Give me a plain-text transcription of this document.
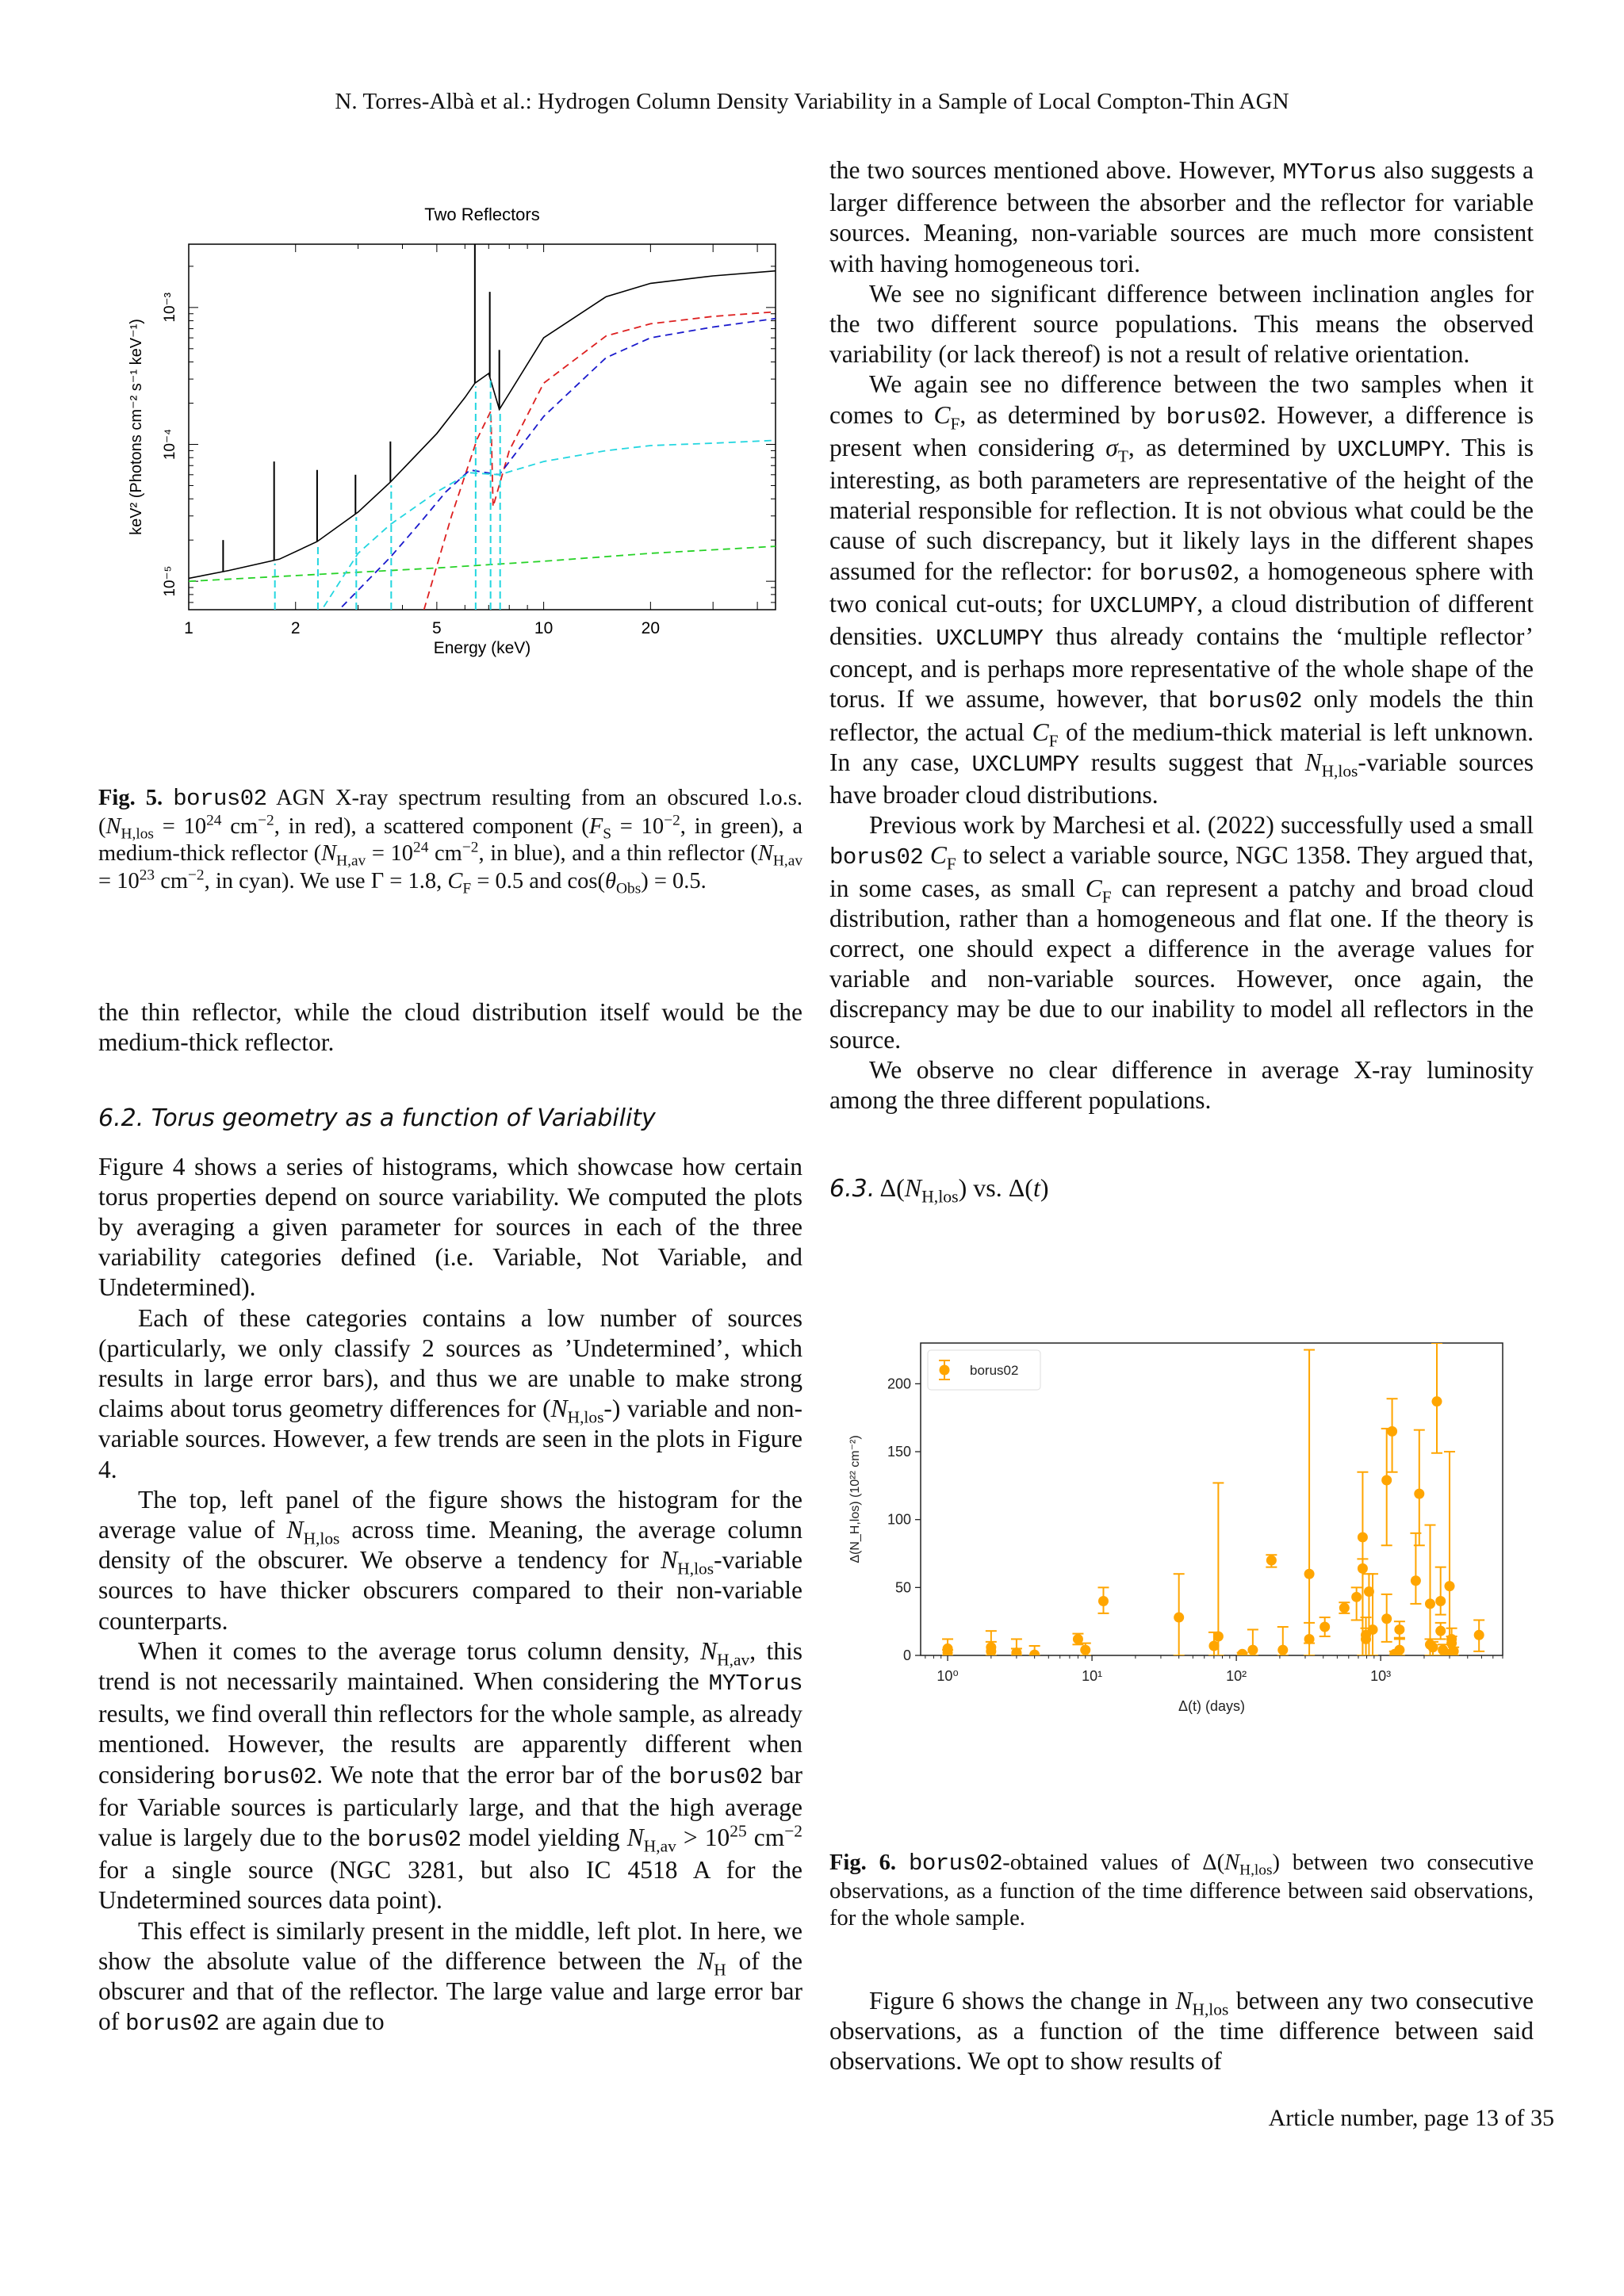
N. Torres-Albà et al.: Hydrogen Column Density Variability in a Sample of Local Compton-Thin AGN
Two Reflectors
1	2	5	10	20
Energy (keV)
10⁻⁵
10⁻⁴
10⁻³
keV² (Photons cm⁻² s⁻¹ keV⁻¹)

Fig. 5. borus02 AGN X-ray spectrum resulting from an obscured l.o.s. ($N_{H,los} = 10^{24}$ $cm^{-2}$, in red), a scattered component ($F_S = 10^{-2}$, in green), a medium-thick reflector ($N_{H,av} = 10^{24}$ $cm^{-2}$, in blue), and a thin reflector ($N_{H,av} = 10^{23}$ $cm^{-2}$, in cyan). We use Γ = 1.8, $C_F = 0.5$ and $\cos(\theta_{Obs}) = 0.5$.

the thin reflector, while the cloud distribution itself would be the medium-thick reflector.

6.2. Torus geometry as a function of Variability

Figure 4 shows a series of histograms, which showcase how certain torus properties depend on source variability. We computed the plots by averaging a given parameter for sources in each of the three variability categories defined (i.e. Variable, Not Variable, and Undetermined).

Each of these categories contains a low number of sources (particularly, we only classify 2 sources as ’Undetermined’, which results in large error bars), and thus we are unable to make strong claims about torus geometry differences for $(N_{H,los}-)$ variable and non-variable sources. However, a few trends are seen in the plots in Figure 4.

The top, left panel of the figure shows the histogram for the average value of $N_{H,los}$ across time. Meaning, the average column density of the obscurer. We observe a tendency for $N_{H,los}$-variable sources to have thicker obscurers compared to their non-variable counterparts.

When it comes to the average torus column density, $N_{H,av}$, this trend is not necessarily maintained. When considering the MYTorus results, we find overall thin reflectors for the whole sample, as already mentioned. However, the results are apparently different when considering borus02. We note that the error bar of the borus02 bar for Variable sources is particularly large, and that the high average value is largely due to the borus02 model yielding $N_{H,av} > 10^{25}$ $cm^{-2}$ for a single source (NGC 3281, but also IC 4518 A for the Undetermined sources data point).

This effect is similarly present in the middle, left plot. In here, we show the absolute value of the difference between the $N_H$ of the obscurer and that of the reflector. The large value and large error bar of borus02 are again due to

the two sources mentioned above. However, MYTorus also suggests a larger difference between the absorber and the reflector for variable sources. Meaning, non-variable sources are much more consistent with having homogeneous tori.

We see no significant difference between inclination angles for the two different source populations. This means the observed variability (or lack thereof) is not a result of relative orientation.

We again see no difference between the two samples when it comes to $C_F$, as determined by borus02. However, a difference is present when considering $\sigma_T$, as determined by UXCLUMPY. This is interesting, as both parameters are representative of the height of the material responsible for reflection. It is not obvious what could be the cause of such discrepancy, but it likely lays in the different shapes assumed for the reflector: for borus02, a homogeneous sphere with two conical cut-outs; for UXCLUMPY, a cloud distribution of different densities. UXCLUMPY thus already contains the ‘multiple reflector’ concept, and is perhaps more representative of the whole shape of the torus. If we assume, however, that borus02 only models the thin reflector, the actual $C_F$ of the medium-thick material is left unknown. In any case, UXCLUMPY results suggest that $N_{H,los}$-variable sources have broader cloud distributions.

Previous work by Marchesi et al. (2022) successfully used a small borus02 $C_F$ to select a variable source, NGC 1358. They argued that, in some cases, as small $C_F$ can represent a patchy and broad cloud distribution, rather than a homogeneous and flat one. If the theory is correct, one should expect a difference in the average values for variable and non-variable sources. However, once again, the discrepancy may be due to our inability to model all reflectors in the source.

We observe no clear difference in average X-ray luminosity among the three different populations.

6.3. $\Delta(N_{H,los})$ vs. Δ(t)

10⁰	10¹	10²	10³
Δ(t) (days)
0
50
100
150
200
Δ(N_H,los) (10²² cm⁻²)
borus02

Fig. 6. borus02-obtained values of $\Delta(N_{H,los})$ between two consecutive observations, as a function of the time difference between said observations, for the whole sample.

Figure 6 shows the change in $N_{H,los}$ between any two consecutive observations, as a function of the time difference between said observations. We opt to show results of

Article number, page 13 of 35
